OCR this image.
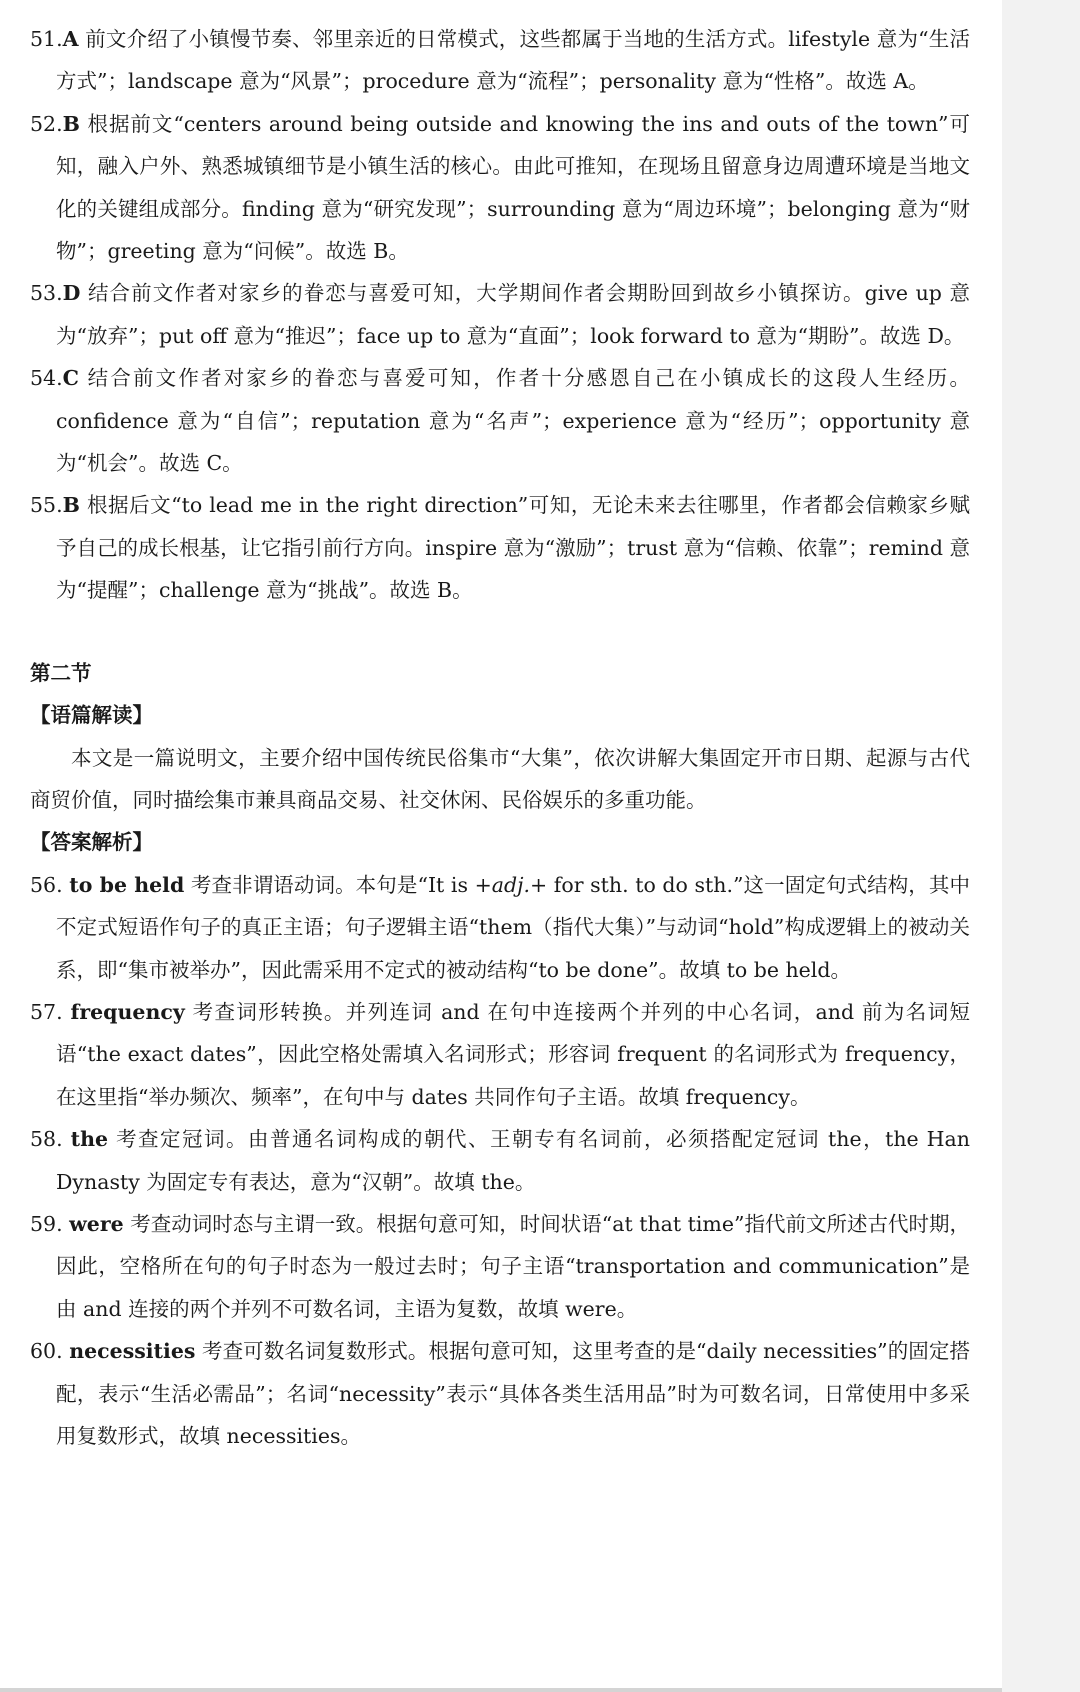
51.A 前文介绍了小镇慢节奏、邻里亲近的日常模式，这些都属于当地的生活方式。lifestyle 意为“生活方式”；landscape 意为“风景”；procedure 意为“流程”；personality 意为“性格”。故选 A。

52.B 根据前文“centers around being outside and knowing the ins and outs of the town”可知，融入户外、熟悉城镇细节是小镇生活的核心。由此可推知，在现场且留意身边周遭环境是当地文化的关键组成部分。finding 意为“研究发现”；surrounding 意为“周边环境”；belonging 意为“财物”；greeting 意为“问候”。故选 B。

53.D 结合前文作者对家乡的眷恋与喜爱可知，大学期间作者会期盼回到故乡小镇探访。give up 意为“放弃”；put off 意为“推迟”；face up to 意为“直面”；look forward to 意为“期盼”。故选 D。

54.C 结合前文作者对家乡的眷恋与喜爱可知，作者十分感恩自己在小镇成长的这段人生经历。confidence 意为“自信”；reputation 意为“名声”；experience 意为“经历”；opportunity 意为“机会”。故选 C。

55.B 根据后文“to lead me in the right direction”可知，无论未来去往哪里，作者都会信赖家乡赋予自己的成长根基，让它指引前行方向。inspire 意为“激励”；trust 意为“信赖、依靠”；remind 意为“提醒”；challenge 意为“挑战”。故选 B。

第二节

【语篇解读】

本文是一篇说明文，主要介绍中国传统民俗集市“大集”，依次讲解大集固定开市日期、起源与古代商贸价值，同时描绘集市兼具商品交易、社交休闲、民俗娱乐的多重功能。

【答案解析】

56. to be held 考查非谓语动词。本句是“It is +adj.+ for sth. to do sth.”这一固定句式结构，其中不定式短语作句子的真正主语；句子逻辑主语“them（指代大集）”与动词“hold”构成逻辑上的被动关系，即“集市被举办”，因此需采用不定式的被动结构“to be done”。故填 to be held。

57. frequency 考查词形转换。并列连词 and 在句中连接两个并列的中心名词，and 前为名词短语“the exact dates”，因此空格处需填入名词形式；形容词 frequent 的名词形式为 frequency，在这里指“举办频次、频率”，在句中与 dates 共同作句子主语。故填 frequency。

58. the 考查定冠词。由普通名词构成的朝代、王朝专有名词前，必须搭配定冠词 the，the Han Dynasty 为固定专有表达，意为“汉朝”。故填 the。

59. were 考查动词时态与主谓一致。根据句意可知，时间状语“at that time”指代前文所述古代时期，因此，空格所在句的句子时态为一般过去时；句子主语“transportation and communication”是由 and 连接的两个并列不可数名词，主语为复数，故填 were。

60. necessities 考查可数名词复数形式。根据句意可知，这里考查的是“daily necessities”的固定搭配，表示“生活必需品”；名词“necessity”表示“具体各类生活用品”时为可数名词，日常使用中多采用复数形式，故填 necessities。
